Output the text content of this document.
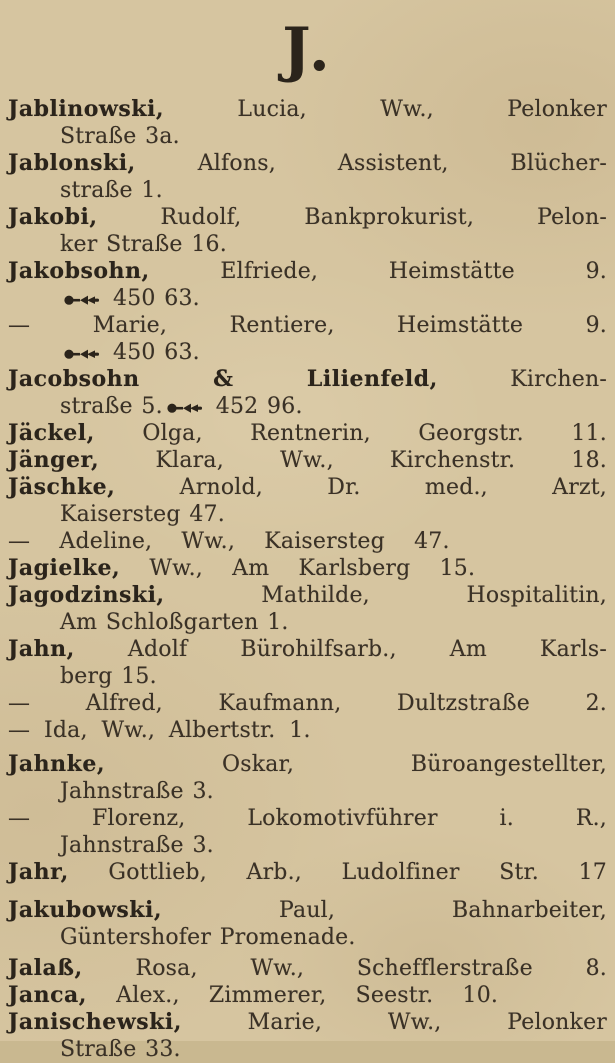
J.
Jablinowski, Lucia, Ww., Pelonker
Straße 3a.
Jablonski, Alfons, Assistent, Blücher-
straße 1.
Jakobi, Rudolf, Bankprokurist, Pelon-
ker Straße 16.
Jakobsohn, Elfriede, Heimstätte 9.
450 63.
— Marie, Rentiere, Heimstätte 9.
450 63.
Jacobsohn & Lilienfeld, Kirchen-
straße 5. 452 96.
Jäckel, Olga, Rentnerin, Georgstr. 11.
Jänger, Klara, Ww., Kirchenstr. 18.
Jäschke, Arnold, Dr. med., Arzt,
Kaisersteg 47.
— Adeline, Ww., Kaisersteg 47.
Jagielke, Ww., Am Karlsberg 15.
Jagodzinski, Mathilde, Hospitalitin,
Am Schloßgarten 1.
Jahn, Adolf Bürohilfsarb., Am Karls-
berg 15.
— Alfred, Kaufmann, Dultzstraße 2.
— Ida, Ww., Albertstr. 1.
Jahnke, Oskar, Büroangestellter,
Jahnstraße 3.
— Florenz, Lokomotivführer i. R.,
Jahnstraße 3.
Jahr, Gottlieb, Arb., Ludolfiner Str. 17
Jakubowski, Paul, Bahnarbeiter,
Güntershofer Promenade.
Jalaß, Rosa, Ww., Schefflerstraße 8.
Janca, Alex., Zimmerer, Seestr. 10.
Janischewski, Marie, Ww., Pelonker
Straße 33.
